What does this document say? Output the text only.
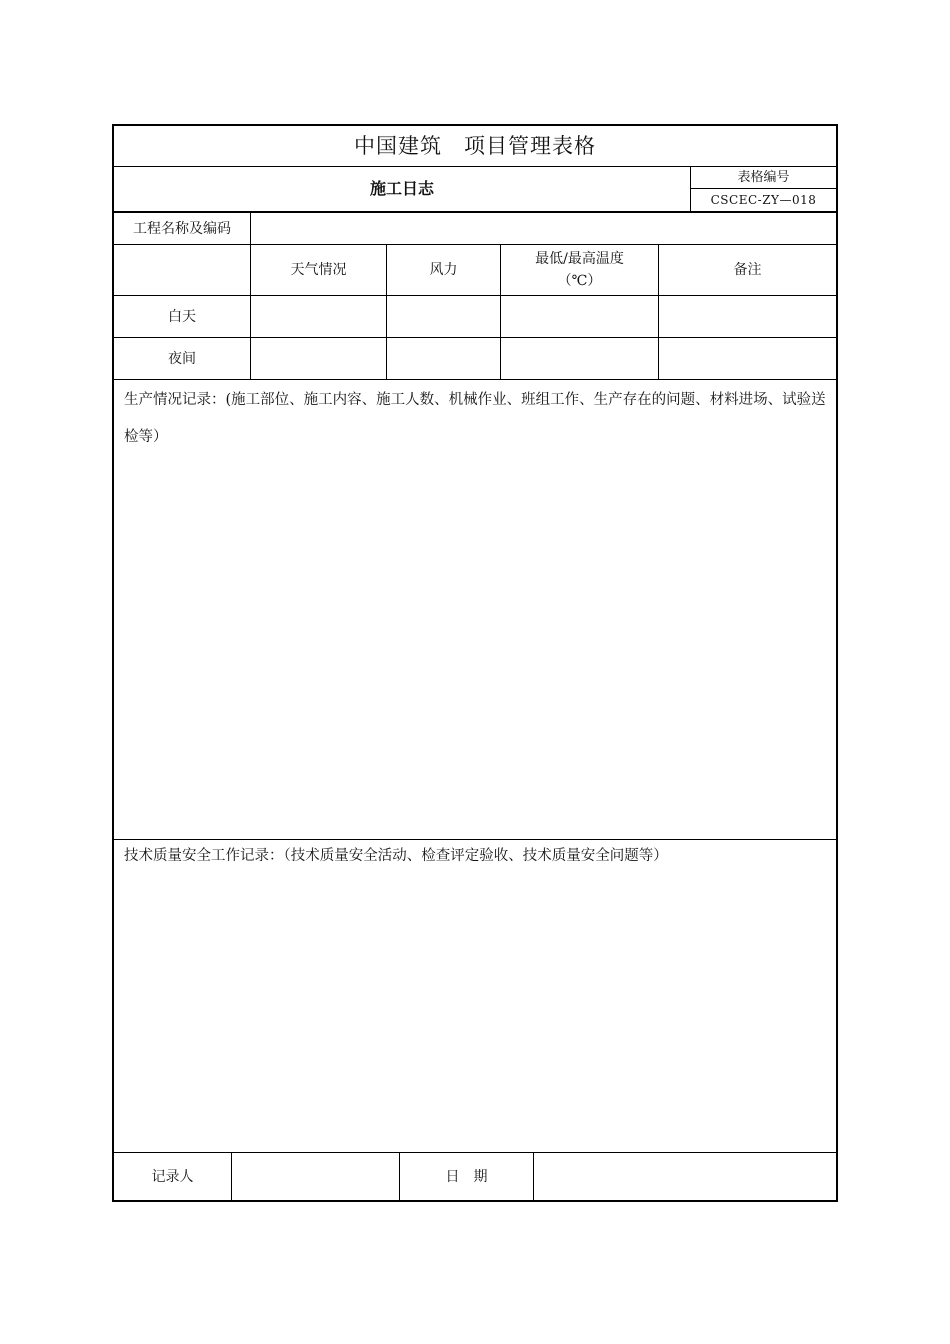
中国建筑　项目管理表格
施工日志
表格编号
CSCEC-ZY—018
工程名称及编码
天气情况	风力
最低/最高温度
（℃）
备注
白天
夜间
生产情况记录：(施工部位、施工内容、施工人数、机械作业、班组工作、生产存在的问题、材料进场、试验送检等）
技术质量安全工作记录：（技术质量安全活动、检查评定验收、技术质量安全问题等）
记录人	日　期
